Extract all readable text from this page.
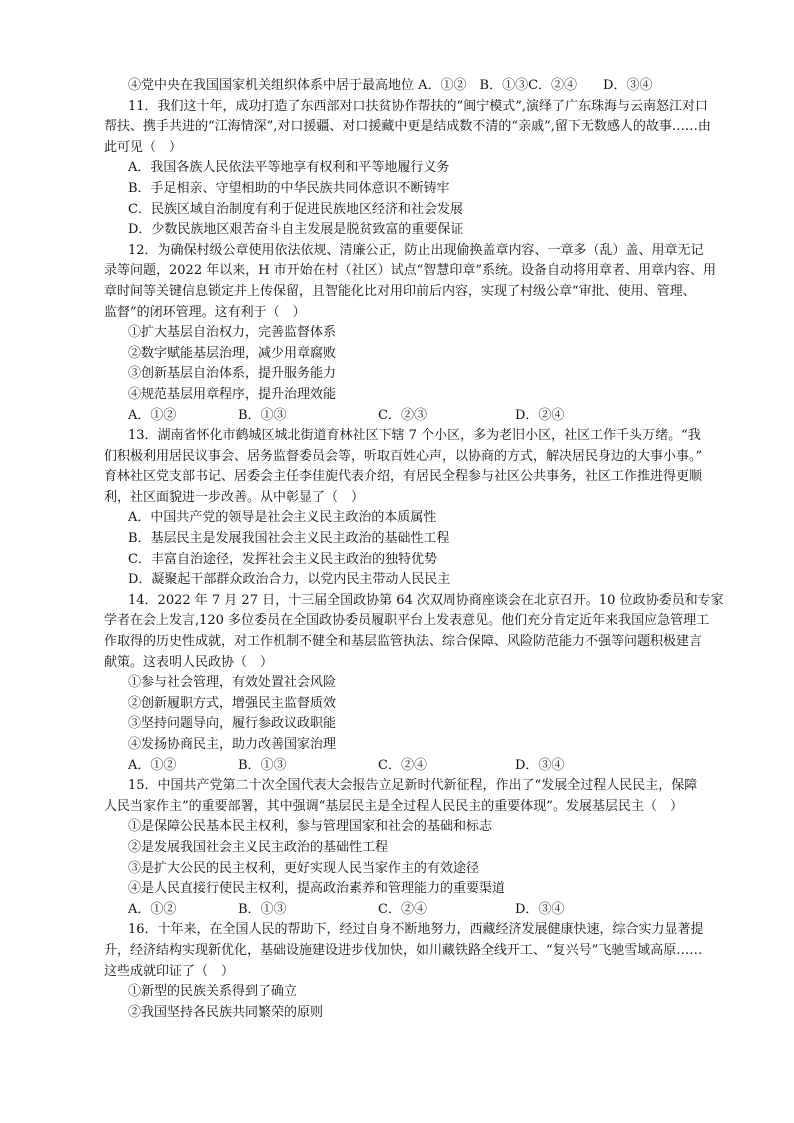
④党中央在我国国家机关组织体系中居于最高地位 A．①②　B．①③C．②④　　D．③④
11．我们这十年，成功打造了东西部对口扶贫协作帮扶的“闽宁模式”,演绎了广东珠海与云南怒江对口
帮扶、携手共进的“江海情深”,对口援疆、对口援藏中更是结成数不清的“亲戚”,留下无数感人的故事……由
此可见（　）
A．我国各族人民依法平等地享有权利和平等地履行义务
B．手足相亲、守望相助的中华民族共同体意识不断铸牢
C．民族区域自治制度有利于促进民族地区经济和社会发展
D．少数民族地区艰苦奋斗自主发展是脱贫致富的重要保证
12．为确保村级公章使用依法依规、清廉公正，防止出现偷换盖章内容、一章多（乱）盖、用章无记
录等问题，2022 年以来，H 市开始在村（社区）试点“智慧印章”系统。设备自动将用章者、用章内容、用
章时间等关键信息锁定并上传保留，且智能化比对用印前后内容，实现了村级公章“审批、使用、管理、
监督”的闭环管理。这有利于（　）
①扩大基层自治权力，完善监督体系
②数字赋能基层治理，减少用章腐败
③创新基层自治体系，提升服务能力
④规范基层用章程序，提升治理效能
A．①②	B．①③	C．②③	D．②④
13．湖南省怀化市鹤城区城北街道育林社区下辖 7 个小区，多为老旧小区，社区工作千头万绪。“我
们积极利用居民议事会、居务监督委员会等，听取百姓心声，以协商的方式，解决居民身边的大事小事。”
育林社区党支部书记、居委会主任李佳旎代表介绍，有居民全程参与社区公共事务，社区工作推进得更顺
利，社区面貌进一步改善。从中彰显了（　）
A．中国共产党的领导是社会主义民主政治的本质属性
B．基层民主是发展我国社会主义民主政治的基础性工程
C．丰富自治途径，发挥社会主义民主政治的独特优势
D．凝聚起干部群众政治合力，以党内民主带动人民民主
14．2022 年 7 月 27 日，十三届全国政协第 64 次双周协商座谈会在北京召开。10 位政协委员和专家
学者在会上发言,120 多位委员在全国政协委员履职平台上发表意见。他们充分肯定近年来我国应急管理工
作取得的历史性成就，对工作机制不健全和基层监管执法、综合保障、风险防范能力不强等问题积极建言
献策。这表明人民政协（　）
①参与社会管理，有效处置社会风险
②创新履职方式，增强民主监督质效
③坚持问题导向，履行参政议政职能
④发扬协商民主，助力改善国家治理
A．①②	B．①③	C．②④	D．③④
15．中国共产党第二十次全国代表大会报告立足新时代新征程，作出了“发展全过程人民民主，保障
人民当家作主”的重要部署，其中强调“基层民主是全过程人民民主的重要体现”。发展基层民主（　）
①是保障公民基本民主权利，参与管理国家和社会的基础和标志
②是发展我国社会主义民主政治的基础性工程
③是扩大公民的民主权利，更好实现人民当家作主的有效途径
④是人民直接行使民主权利，提高政治素养和管理能力的重要渠道
A．①②	B．①③	C．②④	D．③④
16．十年来，在全国人民的帮助下，经过自身不断地努力，西藏经济发展健康快速，综合实力显著提
升，经济结构实现新优化，基础设施建设进步伐加快，如川藏铁路全线开工、“复兴号”飞驰雪域高原……
这些成就印证了（　）
①新型的民族关系得到了确立
②我国坚持各民族共同繁荣的原则
